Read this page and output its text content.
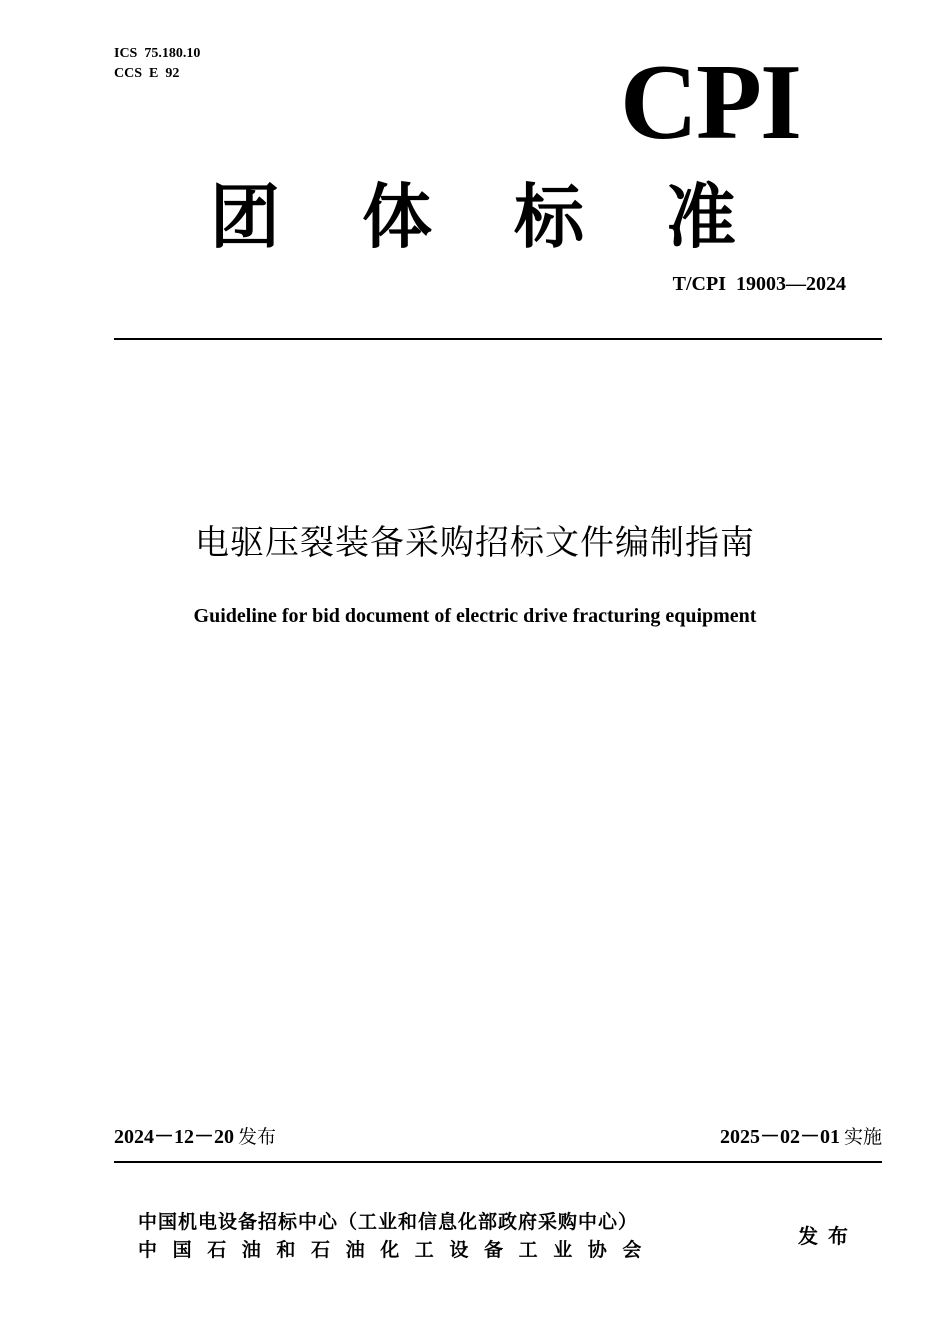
ICS  75.180.10
CCS  E  92	CPI
团体标准
T/CPI  19003—2024
电驱压裂装备采购招标文件编制指南
Guideline for bid document of electric drive fracturing equipment
2024－12－20 发布	2025－02－01 实施
中国机电设备招标中心（工业和信息化部政府采购中心）
中国石油和石油化工设备工业协会
发布
